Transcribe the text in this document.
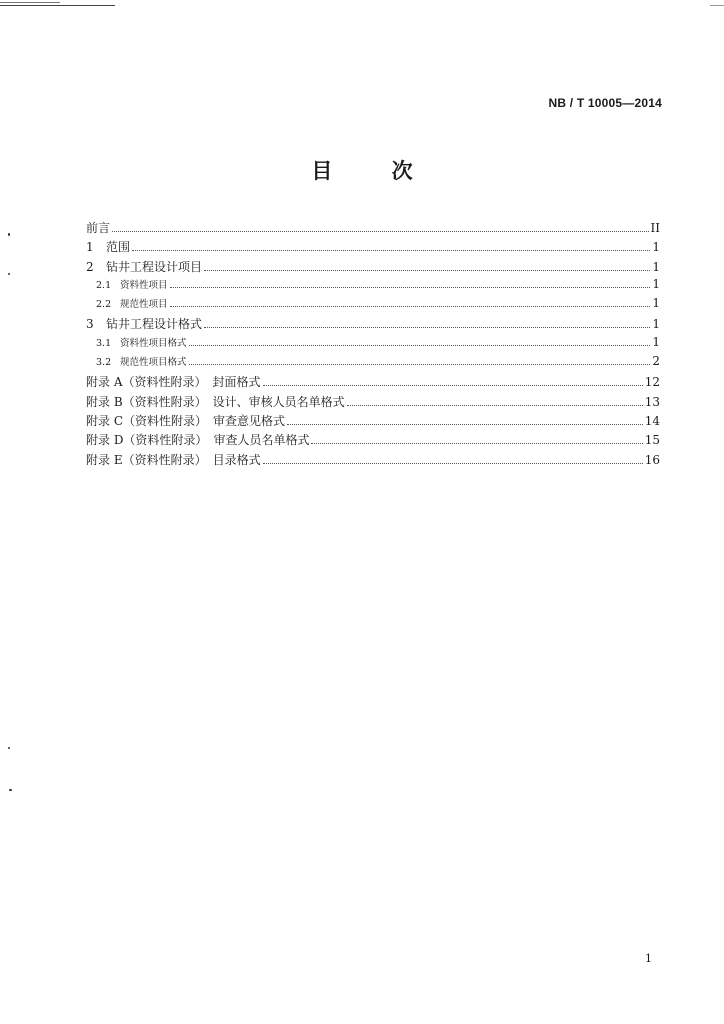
NB / T 10005—2014
目 次
前言	II
1	范围	1
2	钻井工程设计项目	1
2.1 资料性项目	1
2.2 规范性项目	1
3	钻井工程设计格式	1
3.1 资料性项目格式	1
3.2 规范性项目格式	2
附录 A（资料性附录） 封面格式	12
附录 B（资料性附录） 设计、审核人员名单格式	13
附录 C（资料性附录） 审查意见格式	14
附录 D（资料性附录） 审查人员名单格式	15
附录 E（资料性附录） 目录格式	16
1
